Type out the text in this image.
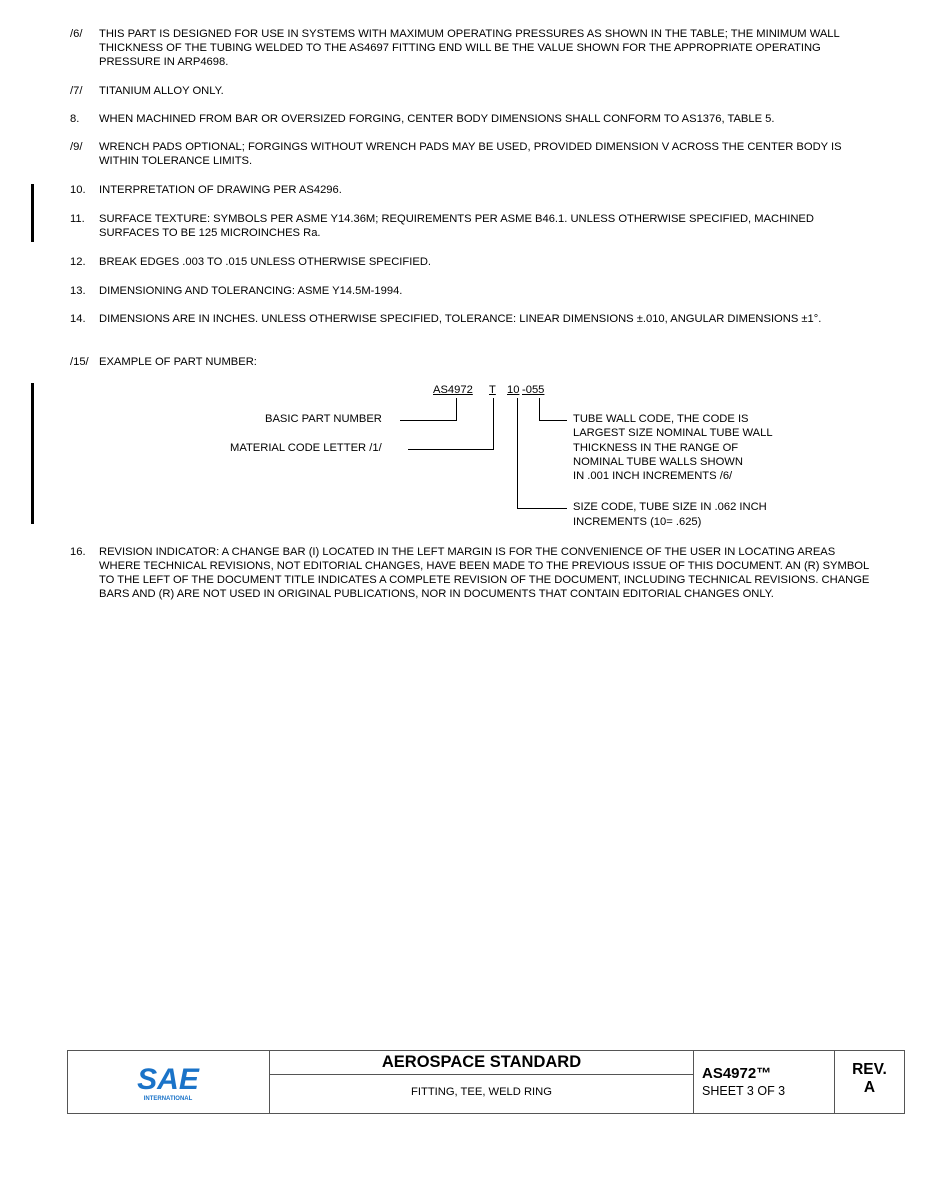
/6/ THIS PART IS DESIGNED FOR USE IN SYSTEMS WITH MAXIMUM OPERATING PRESSURES AS SHOWN IN THE TABLE; THE MINIMUM WALL THICKNESS OF THE TUBING WELDED TO THE AS4697 FITTING END WILL BE THE VALUE SHOWN FOR THE APPROPRIATE OPERATING PRESSURE IN ARP4698.
/7/ TITANIUM ALLOY ONLY.
8. WHEN MACHINED FROM BAR OR OVERSIZED FORGING, CENTER BODY DIMENSIONS SHALL CONFORM TO AS1376, TABLE 5.
/9/ WRENCH PADS OPTIONAL; FORGINGS WITHOUT WRENCH PADS MAY BE USED, PROVIDED DIMENSION V ACROSS THE CENTER BODY IS WITHIN TOLERANCE LIMITS.
10. INTERPRETATION OF DRAWING PER AS4296.
11. SURFACE TEXTURE: SYMBOLS PER ASME Y14.36M; REQUIREMENTS PER ASME B46.1. UNLESS OTHERWISE SPECIFIED, MACHINED SURFACES TO BE 125 MICROINCHES Ra.
12. BREAK EDGES .003 TO .015 UNLESS OTHERWISE SPECIFIED.
13. DIMENSIONING AND TOLERANCING: ASME Y14.5M-1994.
14. DIMENSIONS ARE IN INCHES. UNLESS OTHERWISE SPECIFIED, TOLERANCE: LINEAR DIMENSIONS ±.010, ANGULAR DIMENSIONS ±1°.
/15/ EXAMPLE OF PART NUMBER:
AS4972 T 10 -055
BASIC PART NUMBER
MATERIAL CODE LETTER /1/
TUBE WALL CODE, THE CODE IS
LARGEST SIZE NOMINAL TUBE WALL
THICKNESS IN THE RANGE OF
NOMINAL TUBE WALLS SHOWN
IN .001 INCH INCREMENTS /6/
SIZE CODE, TUBE SIZE IN .062 INCH
INCREMENTS (10= .625)
16. REVISION INDICATOR: A CHANGE BAR (I) LOCATED IN THE LEFT MARGIN IS FOR THE CONVENIENCE OF THE USER IN LOCATING AREAS WHERE TECHNICAL REVISIONS, NOT EDITORIAL CHANGES, HAVE BEEN MADE TO THE PREVIOUS ISSUE OF THIS DOCUMENT. AN (R) SYMBOL TO THE LEFT OF THE DOCUMENT TITLE INDICATES A COMPLETE REVISION OF THE DOCUMENT, INCLUDING TECHNICAL REVISIONS. CHANGE BARS AND (R) ARE NOT USED IN ORIGINAL PUBLICATIONS, NOR IN DOCUMENTS THAT CONTAIN EDITORIAL CHANGES ONLY.
SAE
INTERNATIONAL
AEROSPACE STANDARD
FITTING, TEE, WELD RING
AS4972™
SHEET 3 OF 3
REV.
A
